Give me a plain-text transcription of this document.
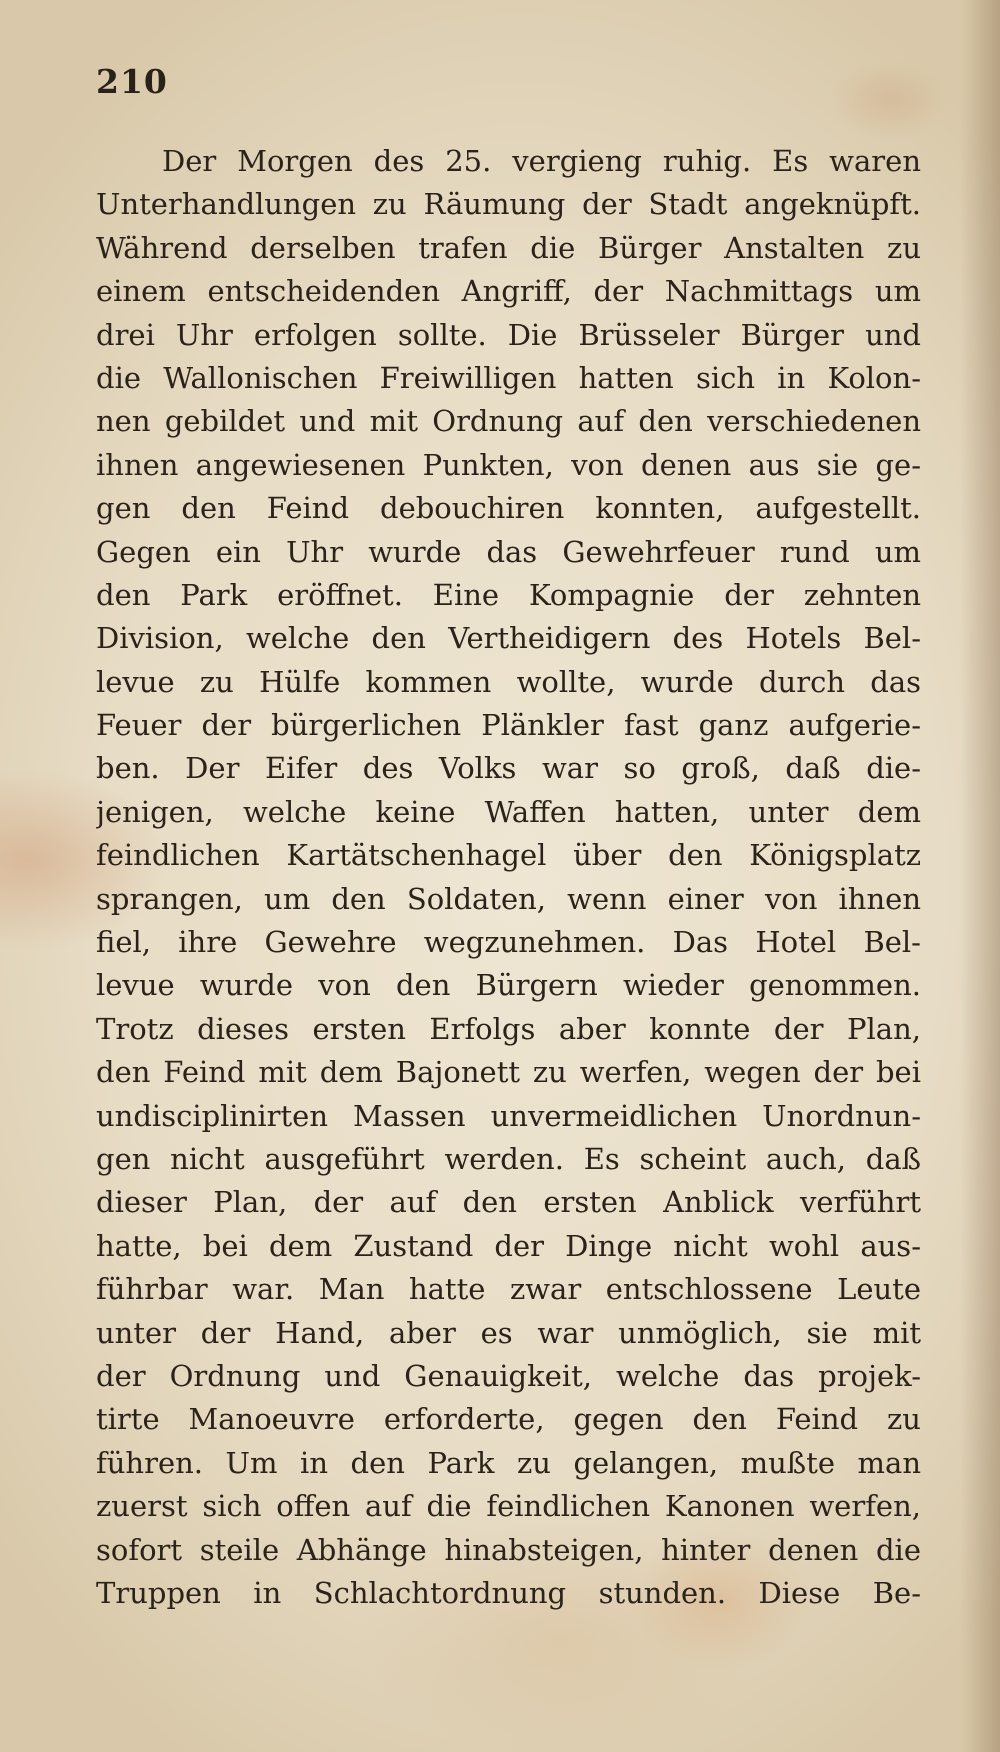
210

Der Morgen des 25. vergieng ruhig. Es waren
Unterhandlungen zu Räumung der Stadt angeknüpft.
Während derselben trafen die Bürger Anstalten zu
einem entscheidenden Angriff, der Nachmittags um
drei Uhr erfolgen sollte. Die Brüsseler Bürger und
die Wallonischen Freiwilligen hatten sich in Kolon-
nen gebildet und mit Ordnung auf den verschiedenen
ihnen angewiesenen Punkten, von denen aus sie ge-
gen den Feind debouchiren konnten, aufgestellt.
Gegen ein Uhr wurde das Gewehrfeuer rund um
den Park eröffnet. Eine Kompagnie der zehnten
Division, welche den Vertheidigern des Hotels Bel-
levue zu Hülfe kommen wollte, wurde durch das
Feuer der bürgerlichen Plänkler fast ganz aufgerie-
ben. Der Eifer des Volks war so groß, daß die-
jenigen, welche keine Waffen hatten, unter dem
feindlichen Kartätschenhagel über den Königsplatz
sprangen, um den Soldaten, wenn einer von ihnen
fiel, ihre Gewehre wegzunehmen. Das Hotel Bel-
levue wurde von den Bürgern wieder genommen.
Trotz dieses ersten Erfolgs aber konnte der Plan,
den Feind mit dem Bajonett zu werfen, wegen der bei
undisciplinirten Massen unvermeidlichen Unordnun-
gen nicht ausgeführt werden. Es scheint auch, daß
dieser Plan, der auf den ersten Anblick verführt
hatte, bei dem Zustand der Dinge nicht wohl aus-
führbar war. Man hatte zwar entschlossene Leute
unter der Hand, aber es war unmöglich, sie mit
der Ordnung und Genauigkeit, welche das projek-
tirte Manoeuvre erforderte, gegen den Feind zu
führen. Um in den Park zu gelangen, mußte man
zuerst sich offen auf die feindlichen Kanonen werfen,
sofort steile Abhänge hinabsteigen, hinter denen die
Truppen in Schlachtordnung stunden. Diese Be-
